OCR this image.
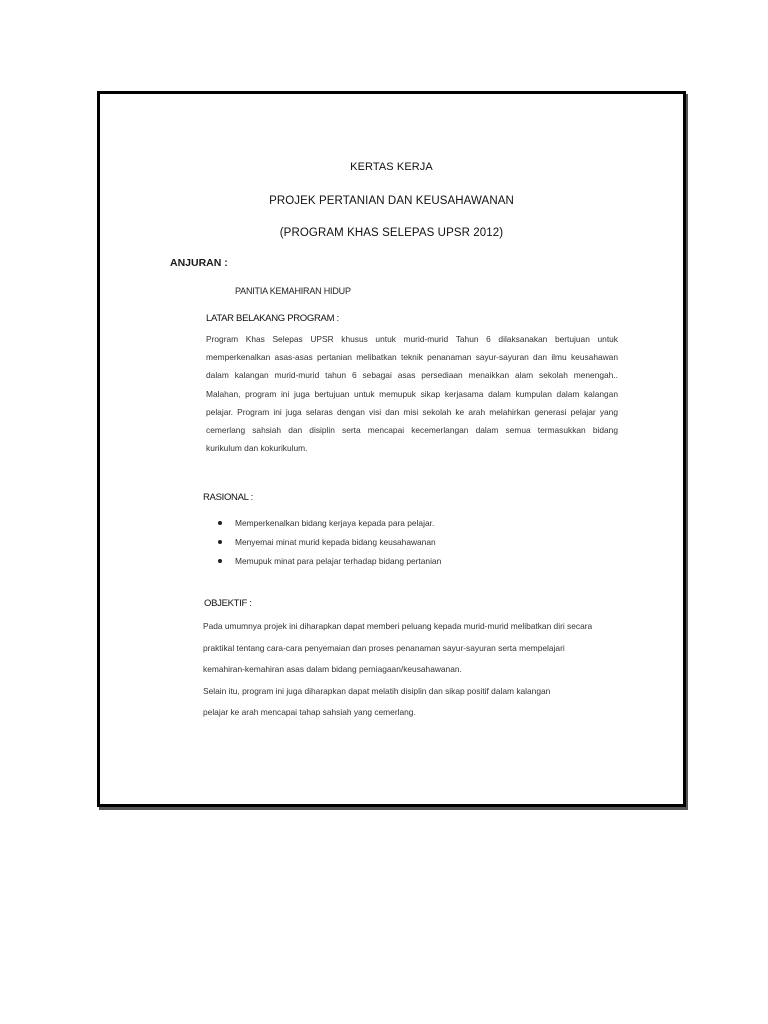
KERTAS KERJA
PROJEK PERTANIAN DAN KEUSAHAWANAN
(PROGRAM KHAS SELEPAS UPSR 2012)
ANJURAN :
PANITIA KEMAHIRAN HIDUP
LATAR BELAKANG PROGRAM :
Program Khas Selepas UPSR khusus untuk murid-murid Tahun 6 dilaksanakan bertujuan untuk
memperkenalkan asas-asas pertanian melibatkan teknik penanaman sayur-sayuran dan ilmu keusahawan
dalam kalangan murid-murid tahun 6 sebagai asas persediaan menaikkan alam sekolah menengah..
Malahan, program ini juga bertujuan untuk memupuk sikap kerjasama dalam kumpulan dalam kalangan
pelajar. Program ini juga selaras dengan visi dan misi sekolah ke arah melahirkan generasi pelajar yang
cemerlang sahsiah dan disiplin serta mencapai kecemerlangan dalam semua termasukkan bidang
kurikulum dan kokurikulum.
RASIONAL :
Memperkenalkan bidang kerjaya kepada para pelajar.
Menyemai minat murid kepada bidang keusahawanan
Memupuk minat para pelajar terhadap bidang pertanian
OBJEKTIF :
Pada umumnya projek ini diharapkan dapat memberi peluang kepada murid-murid melibatkan diri secara
praktikal tentang cara-cara penyemaian dan proses penanaman sayur-sayuran serta mempelajari
kemahiran-kemahiran asas dalam bidang perniagaan/keusahawanan.
Selain itu, program ini juga diharapkan dapat melatih disiplin dan sikap positif dalam kalangan
pelajar ke arah mencapai tahap sahsiah yang cemerlang.
